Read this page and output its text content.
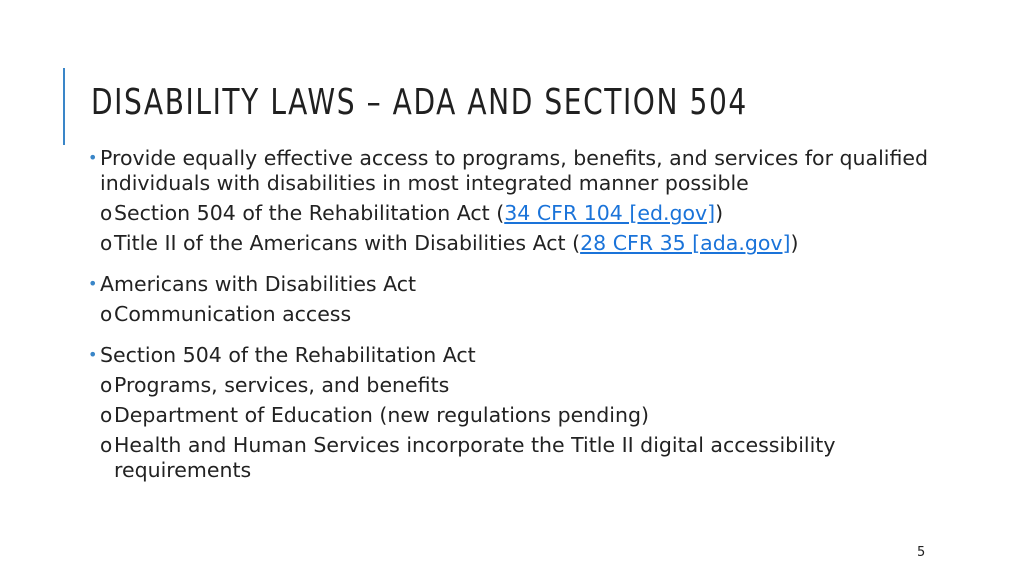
DISABILITY LAWS – ADA AND SECTION 504
• Provide equally effective access to programs, benefits, and services for qualified individuals with disabilities in most integrated manner possible
o Section 504 of the Rehabilitation Act (34 CFR 104 [ed.gov])
o Title II of the Americans with Disabilities Act (28 CFR 35 [ada.gov])
• Americans with Disabilities Act
o Communication access
• Section 504 of the Rehabilitation Act
o Programs, services, and benefits
o Department of Education (new regulations pending)
o Health and Human Services incorporate the Title II digital accessibility requirements
5
